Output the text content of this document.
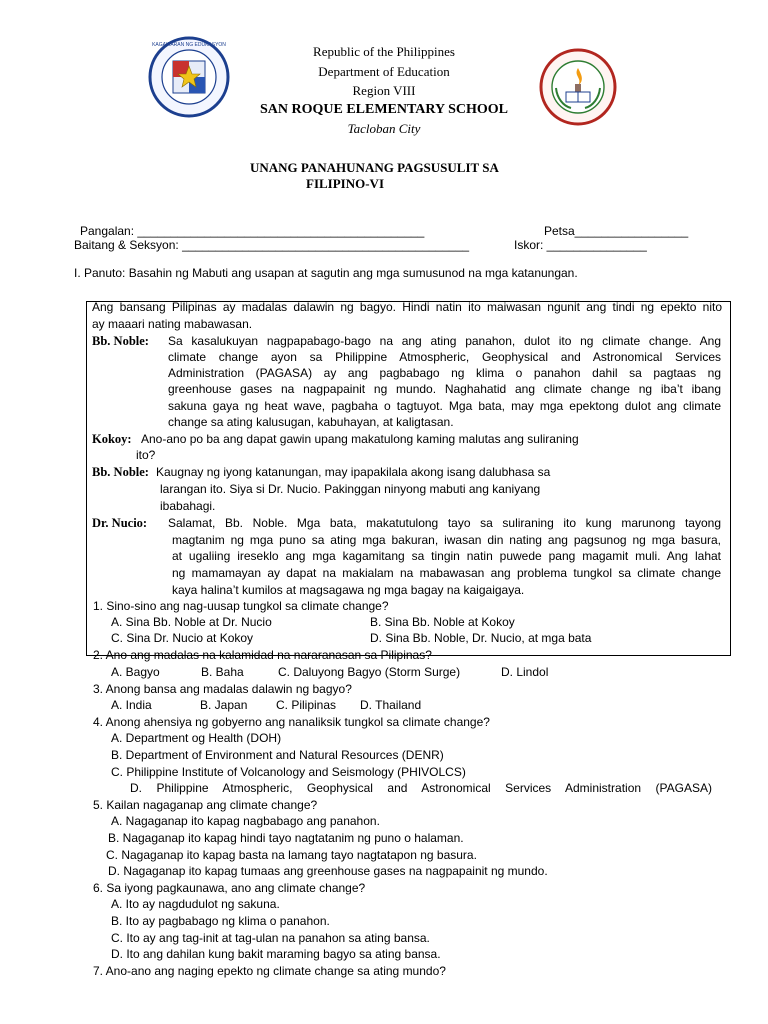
KAGAWARAN NG EDUKASYON	Republic of the Philippines
Department of Education
Region VIII
SAN ROQUE ELEMENTARY SCHOOL
Tacloban City
UNANG PANAHUNANG PAGSUSULIT SA
FILIPINO-VI
Pangalan: ___________________________________________	Petsa_________________
Baitang & Seksyon: ___________________________________________	Iskor: _______________
I. Panuto: Basahin ng Mabuti ang usapan at sagutin ang mga sumusunod na mga katanungan.
Ang bansang Pilipinas ay madalas dalawin ng bagyo. Hindi natin ito maiwasan ngunit ang tindi ng epekto nito
ay maaari nating mabawasan.
Bb. Noble: Sa kasalukuyan nagpapabago-bago na ang ating panahon, dulot ito ng climate change. Ang
climate change ayon sa Philippine Atmospheric, Geophysical and Astronomical Services
Administration (PAGASA) ay ang pagbabago ng klima o panahon dahil sa pagtaas ng
greenhouse gases na nagpapainit ng mundo. Naghahatid ang climate change ng iba’t ibang
sakuna gaya ng heat wave, pagbaha o tagtuyot. Mga bata, may mga epektong dulot ang climate
change sa ating kalusugan, kabuhayan, at kaligtasan.
Kokoy: Ano-ano po ba ang dapat gawin upang makatulong kaming malutas ang suliraning
ito?
Bb. Noble: Kaugnay ng iyong katanungan, may ipapakilala akong isang dalubhasa sa
larangan ito. Siya si Dr. Nucio. Pakinggan ninyong mabuti ang kaniyang
ibabahagi.
Dr. Nucio: Salamat, Bb. Noble. Mga bata, makatutulong tayo sa suliraning ito kung marunong tayong
magtanim ng mga puno sa ating mga bakuran, iwasan din nating ang pagsunog ng mga basura,
at ugaliing ireseklo ang mga kagamitang sa tingin natin puwede pang magamit muli. Ang lahat
ng mamamayan ay dapat na makialam na mabawasan ang problema tungkol sa climate change
kaya halina’t kumilos at magsagawa ng mga bagay na kaigaigaya.
1. Sino-sino ang nag-uusap tungkol sa climate change?
A. Sina Bb. Noble at Dr. Nucio	B. Sina Bb. Noble at Kokoy
C. Sina Dr. Nucio at Kokoy	D. Sina Bb. Noble, Dr. Nucio, at mga bata
2. Ano ang madalas na kalamidad na nararanasan sa Pilipinas?
A. Bagyo	B. Baha	C. Daluyong Bagyo (Storm Surge)	D. Lindol
3. Anong bansa ang madalas dalawin ng bagyo?
A. India	B. Japan C. Pilipinas D. Thailand
4. Anong ahensiya ng gobyerno ang nanaliksik tungkol sa climate change?
A. Department og Health (DOH)
B. Department of Environment and Natural Resources (DENR)
C. Philippine Institute of Volcanology and Seismology (PHIVOLCS)
D. Philippine Atmospheric, Geophysical and Astronomical Services Administration (PAGASA)
5. Kailan nagaganap ang climate change?
A. Nagaganap ito kapag nagbabago ang panahon.
B. Nagaganap ito kapag hindi tayo nagtatanim ng puno o halaman.
C. Nagaganap ito kapag basta na lamang tayo nagtatapon ng basura.
D. Nagaganap ito kapag tumaas ang greenhouse gases na nagpapainit ng mundo.
6. Sa iyong pagkaunawa, ano ang climate change?
A. Ito ay nagdudulot ng sakuna.
B. Ito ay pagbabago ng klima o panahon.
C. Ito ay ang tag-init at tag-ulan na panahon sa ating bansa.
D. Ito ang dahilan kung bakit maraming bagyo sa ating bansa.
7. Ano-ano ang naging epekto ng climate change sa ating mundo?
